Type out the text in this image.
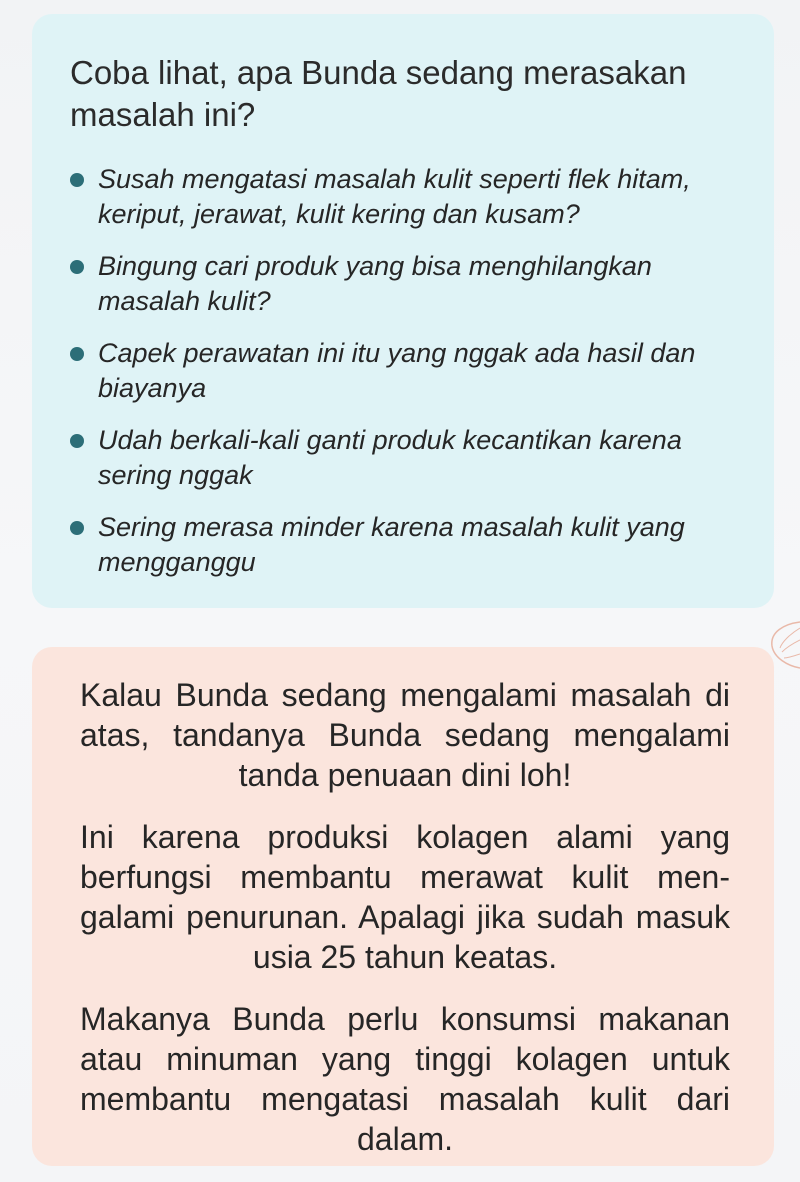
Coba lihat, apa Bunda sedang merasakan masalah ini?
Susah mengatasi masalah kulit seperti flek hitam, keriput, jerawat, kulit kering dan kusam?
Bingung cari produk yang bisa menghilangkan masalah kulit?
Capek perawatan ini itu yang nggak ada hasil dan biayanya
Udah berkali-kali ganti produk kecantikan karena sering nggak
Sering merasa minder karena masalah kulit yang mengganggu

Kalau Bunda sedang mengalami masalah di atas, tandanya Bunda sedang mengalami tanda penuaan dini loh!

Ini karena produksi kolagen alami yang berfungsi membantu merawat kulit mengalami penurunan. Apalagi jika sudah masuk usia 25 tahun keatas.

Makanya Bunda perlu konsumsi makanan atau minuman yang tinggi kolagen untuk membantu mengatasi masalah kulit dari dalam.
